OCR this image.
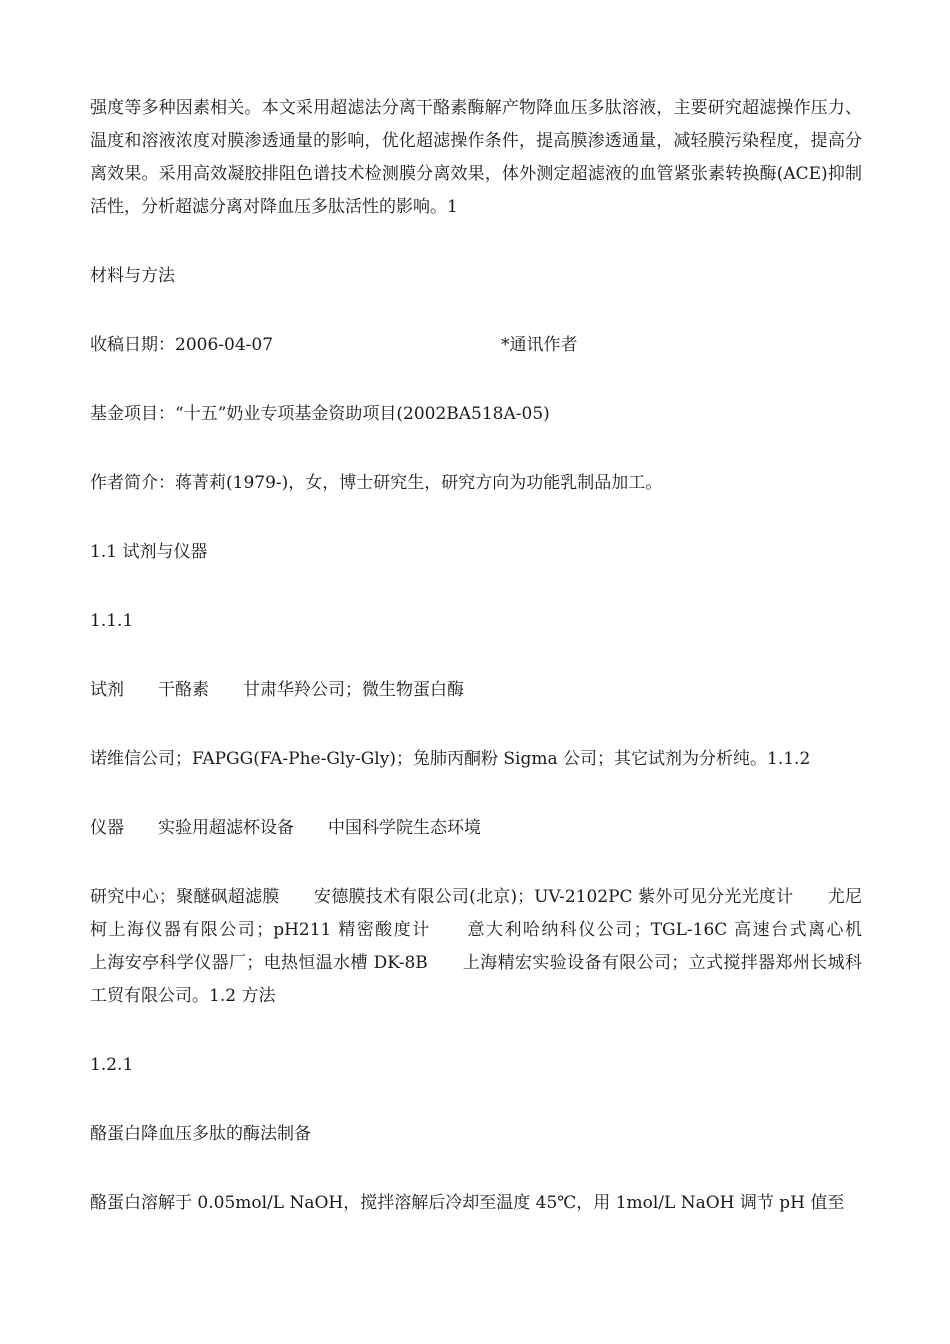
强度等多种因素相关。本文采用超滤法分离干酪素酶解产物降血压多肽溶液，主要研究超滤操作压力、温度和溶液浓度对膜渗透通量的影响，优化超滤操作条件，提高膜渗透通量，减轻膜污染程度，提高分离效果。采用高效凝胶排阻色谱技术检测膜分离效果，体外测定超滤液的血管紧张素转换酶(ACE)抑制活性，分析超滤分离对降血压多肽活性的影响。1

材料与方法

收稿日期：2006-04-07	*通讯作者

基金项目：“十五”奶业专项基金资助项目(2002BA518A-05)

作者简介：蒋菁莉(1979-)，女，博士研究生，研究方向为功能乳制品加工。

1.1 试剂与仪器

1.1.1

试剂 干酪素 甘肃华羚公司；微生物蛋白酶

诺维信公司；FAPGG(FA-Phe-Gly-Gly)；兔肺丙酮粉 Sigma 公司；其它试剂为分析纯。1.1.2

仪器 实验用超滤杯设备 中国科学院生态环境

研究中心；聚醚砜超滤膜　　安德膜技术有限公司(北京)；UV-2102PC 紫外可见分光光度计　　尤尼柯上海仪器有限公司；pH211 精密酸度计　　意大利哈纳科仪公司；TGL-16C 高速台式离心机　　上海安亭科学仪器厂；电热恒温水槽 DK-8B　　上海精宏实验设备有限公司；立式搅拌器郑州长城科工贸有限公司。1.2 方法

1.2.1

酪蛋白降血压多肽的酶法制备

酪蛋白溶解于 0.05mol/L NaOH，搅拌溶解后冷却至温度 45℃，用 1mol/L NaOH 调节 pH 值至
